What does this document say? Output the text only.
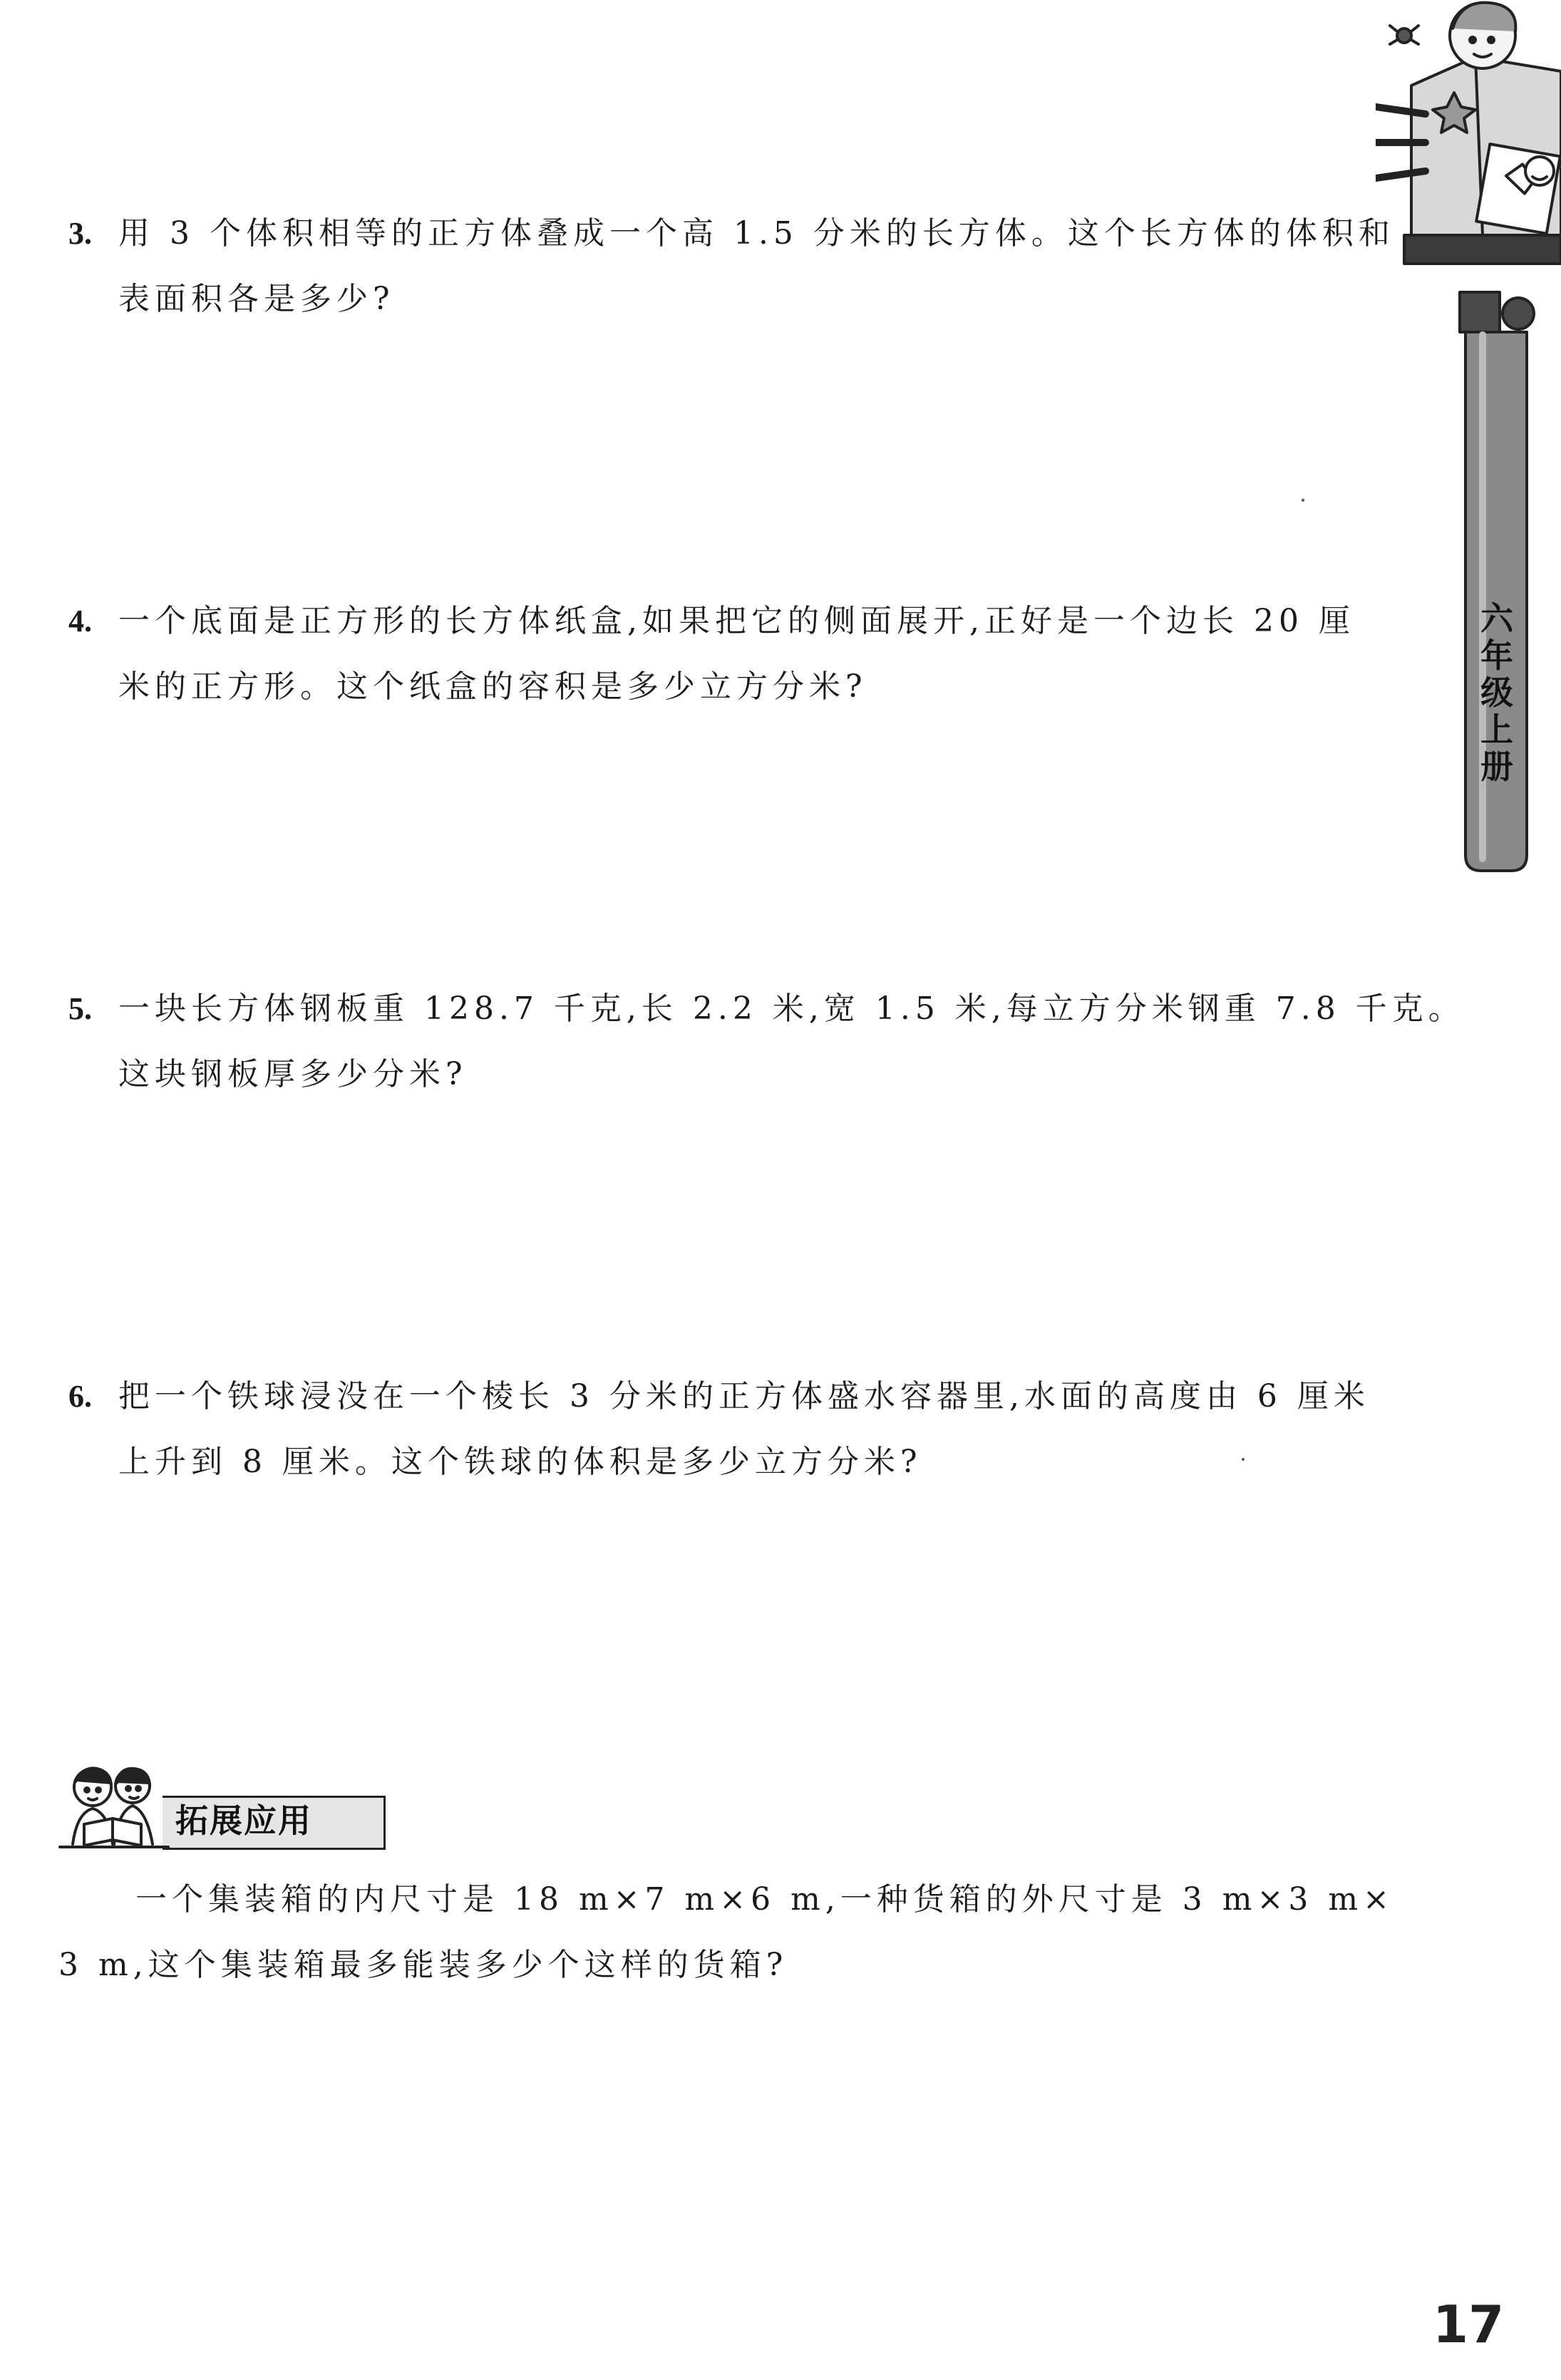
3. 用 3 个体积相等的正方体叠成一个高 1.5 分米的长方体。这个长方体的体积和
表面积各是多少?
4. 一个底面是正方形的长方体纸盒,如果把它的侧面展开,正好是一个边长 20 厘
米的正方形。这个纸盒的容积是多少立方分米?
5. 一块长方体钢板重 128.7 千克,长 2.2 米,宽 1.5 米,每立方分米钢重 7.8 千克。
这块钢板厚多少分米?
6. 把一个铁球浸没在一个棱长 3 分米的正方体盛水容器里,水面的高度由 6 厘米
上升到 8 厘米。这个铁球的体积是多少立方分米?
拓展应用
一个集装箱的内尺寸是 18 m×7 m×6 m,一种货箱的外尺寸是 3 m×3 m×
3 m,这个集装箱最多能装多少个这样的货箱?
六
年
级
上
册
17
